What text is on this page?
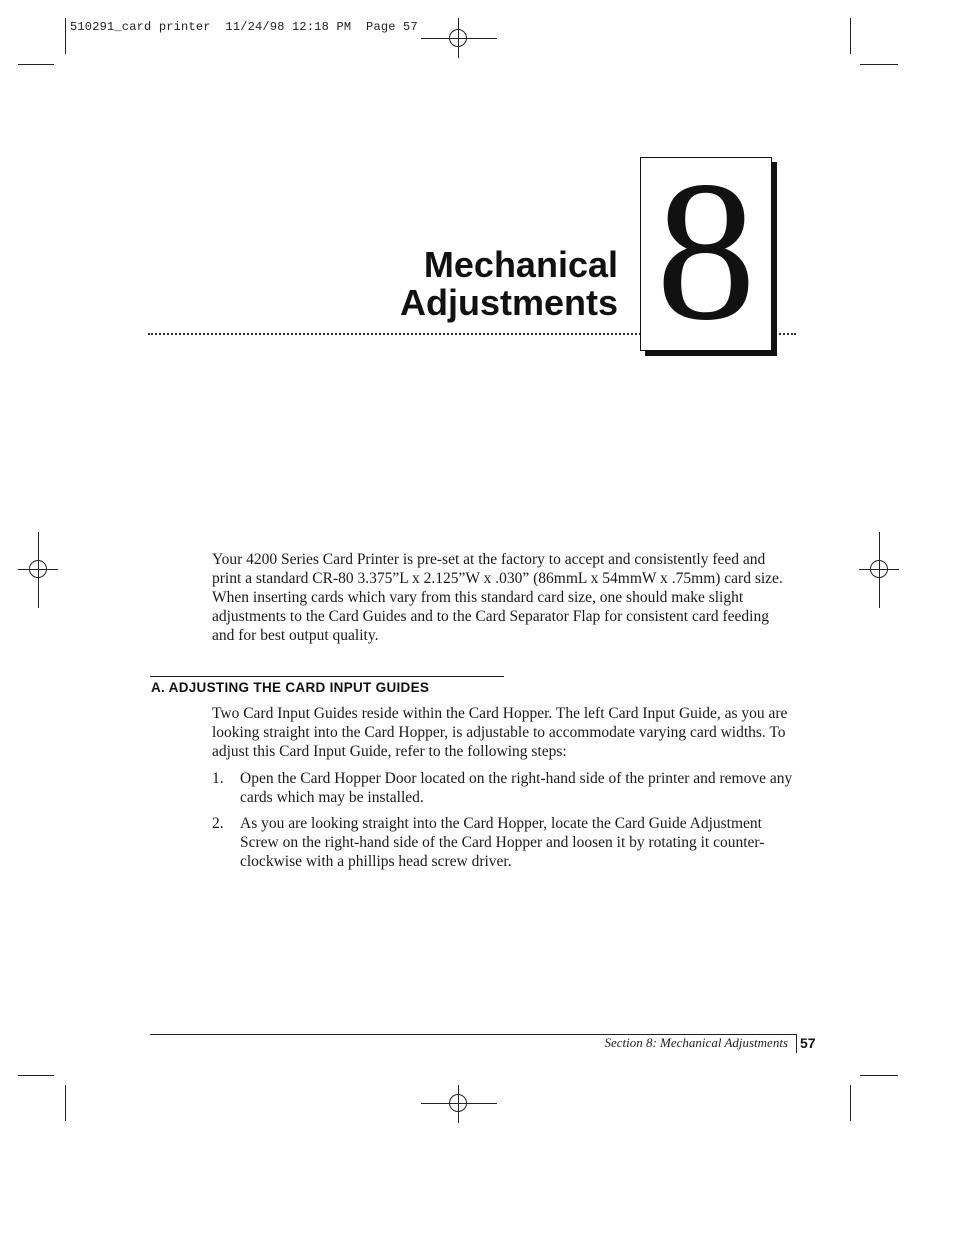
510291_card printer  11/24/98 12:18 PM  Page 57
Mechanical
Adjustments 8
Your 4200 Series Card Printer is pre-set at the factory to accept and consistently feed and print a standard CR-80 3.375”L x 2.125”W x .030” (86mmL x 54mmW x .75mm) card size. When inserting cards which vary from this standard card size, one should make slight adjustments to the Card Guides and to the Card Separator Flap for consistent card feeding and for best output quality.
A. ADJUSTING THE CARD INPUT GUIDES
Two Card Input Guides reside within the Card Hopper. The left Card Input Guide, as you are looking straight into the Card Hopper, is adjustable to accommodate varying card widths. To adjust this Card Input Guide, refer to the following steps:
1. Open the Card Hopper Door located on the right-hand side of the printer and remove any cards which may be installed.
2. As you are looking straight into the Card Hopper, locate the Card Guide Adjustment Screw on the right-hand side of the Card Hopper and loosen it by rotating it counter-clockwise with a phillips head screw driver.
Section 8: Mechanical Adjustments 57
